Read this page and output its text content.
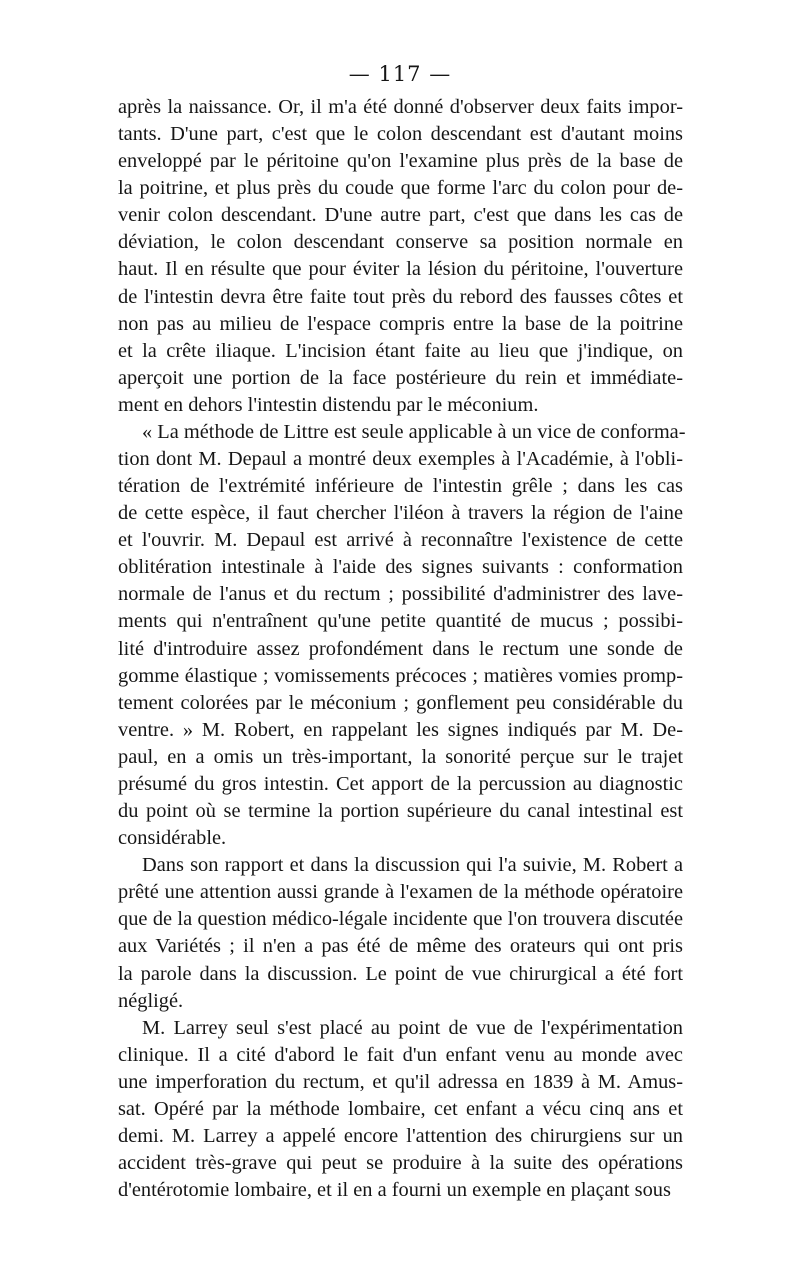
— 117 —
après la naissance. Or, il m'a été donné d'observer deux faits impor-
tants. D'une part, c'est que le colon descendant est d'autant moins
enveloppé par le péritoine qu'on l'examine plus près de la base de
la poitrine, et plus près du coude que forme l'arc du colon pour de-
venir colon descendant. D'une autre part, c'est que dans les cas de
déviation, le colon descendant conserve sa position normale en
haut. Il en résulte que pour éviter la lésion du péritoine, l'ouverture
de l'intestin devra être faite tout près du rebord des fausses côtes et
non pas au milieu de l'espace compris entre la base de la poitrine
et la crête iliaque. L'incision étant faite au lieu que j'indique, on
aperçoit une portion de la face postérieure du rein et immédiate-
ment en dehors l'intestin distendu par le méconium.
« La méthode de Littre est seule applicable à un vice de conforma-
tion dont M. Depaul a montré deux exemples à l'Académie, à l'obli-
tération de l'extrémité inférieure de l'intestin grêle ; dans les cas
de cette espèce, il faut chercher l'iléon à travers la région de l'aine
et l'ouvrir. M. Depaul est arrivé à reconnaître l'existence de cette
oblitération intestinale à l'aide des signes suivants : conformation
normale de l'anus et du rectum ; possibilité d'administrer des lave-
ments qui n'entraînent qu'une petite quantité de mucus ; possibi-
lité d'introduire assez profondément dans le rectum une sonde de
gomme élastique ; vomissements précoces ; matières vomies promp-
tement colorées par le méconium ; gonflement peu considérable du
ventre. » M. Robert, en rappelant les signes indiqués par M. De-
paul, en a omis un très-important, la sonorité perçue sur le trajet
présumé du gros intestin. Cet apport de la percussion au diagnostic
du point où se termine la portion supérieure du canal intestinal est
considérable.
Dans son rapport et dans la discussion qui l'a suivie, M. Robert a
prêté une attention aussi grande à l'examen de la méthode opératoire
que de la question médico-légale incidente que l'on trouvera discutée
aux Variétés ; il n'en a pas été de même des orateurs qui ont pris
la parole dans la discussion. Le point de vue chirurgical a été fort
négligé.
M. Larrey seul s'est placé au point de vue de l'expérimentation
clinique. Il a cité d'abord le fait d'un enfant venu au monde avec
une imperforation du rectum, et qu'il adressa en 1839 à M. Amus-
sat. Opéré par la méthode lombaire, cet enfant a vécu cinq ans et
demi. M. Larrey a appelé encore l'attention des chirurgiens sur un
accident très-grave qui peut se produire à la suite des opérations
d'entérotomie lombaire, et il en a fourni un exemple en plaçant sous
